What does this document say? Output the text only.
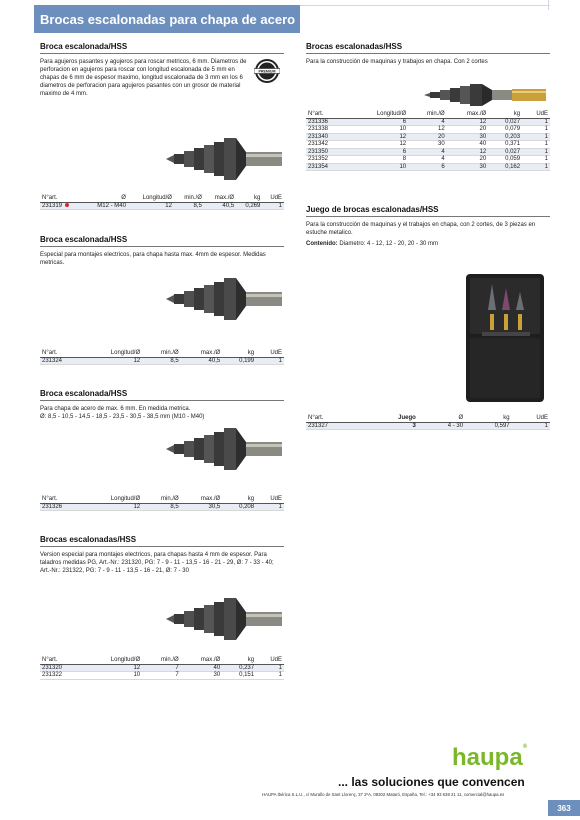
Brocas escalonadas para chapa de acero
Broca escalonada/HSS
Para agujeros pasantes y agujeros para roscar metricos, 6 mm. Diametros de perforacion en agujeros para roscar con longitud escalonada de 5 mm en chapas de 6 mm de espesor maximo, longitud escalonada de 3 mm en los 6 diametros de perforacion para agujeros pasantes con un grosor de material maximo de 4 mm.
PREMIUM
N°art.	Ø	Longitud/Ø	min./Ø	max./Ø	kg	UdE
231319	M12 - M40	12	8,5	40,5	0,269	1
Broca escalonada/HSS
Especial para montajes electricos, para chapa hasta max. 4mm de espesor. Medidas metricas.
N°art.	Longitud/Ø	min./Ø	max./Ø	kg	UdE
231324	12	8,5	40,5	0,199	1
Broca escalonada/HSS
Para chapa de acero de max. 6 mm. En medida metrica.
Ø: 8,5 - 10,5 - 14,5 - 18,5 - 23,5 - 30,5 - 38,5 mm (M10 - M40)
N°art.	Longitud/Ø	min./Ø	max./Ø	kg	UdE
231326	12	8,5	30,5	0,208	1
Brocas escalonadas/HSS
Version especial para montajes electricos, para chapas hasta 4 mm de espesor. Para taladros medidas PG, Art.-Nr.: 231320, PG: 7 - 9 - 11 - 13,5 - 16 - 21 - 29, Ø: 7 - 33 - 40; Art.-Nr.: 231322, PG: 7 - 9 - 11 - 13,5 - 16 - 21, Ø: 7 - 30
N°art.	Longitud/Ø	min./Ø	max./Ø	kg	UdE
231320	12	7	40	0,237	1
231322	10	7	30	0,151	1
Brocas escalonadas/HSS
Para la construcción de maquinas y trabajos en chapa. Con 2 cortes
N°art.	Longitud/Ø	min./Ø	max./Ø	kg	UdE
231336	6	4	12	0,027	1
231338	10	12	20	0,079	1
231340	12	20	30	0,203	1
231342	12	30	40	0,371	1
231350	6	4	12	0,027	1
231352	8	4	20	0,059	1
231354	10	6	30	0,162	1
Juego de brocas escalonadas/HSS
Para la construcción de maquinas y el trabajos en chapa, con 2 cortes, de 3 piezas en estuche metalico.
Contenido: Diametro: 4 - 12, 12 - 20, 20 - 30 mm
N°art.	Juego	Ø	kg	UdE
231327	3	4 - 30	0,597	1
haupa®
... las soluciones que convencen
HAUPA Ibérica S.L.U., c/ Murallo de Sant Llorenç, 37 2ºA, 08302 Mataró, España, Tel.: +34 93 638 21 11, comercial@haupa.es
363
